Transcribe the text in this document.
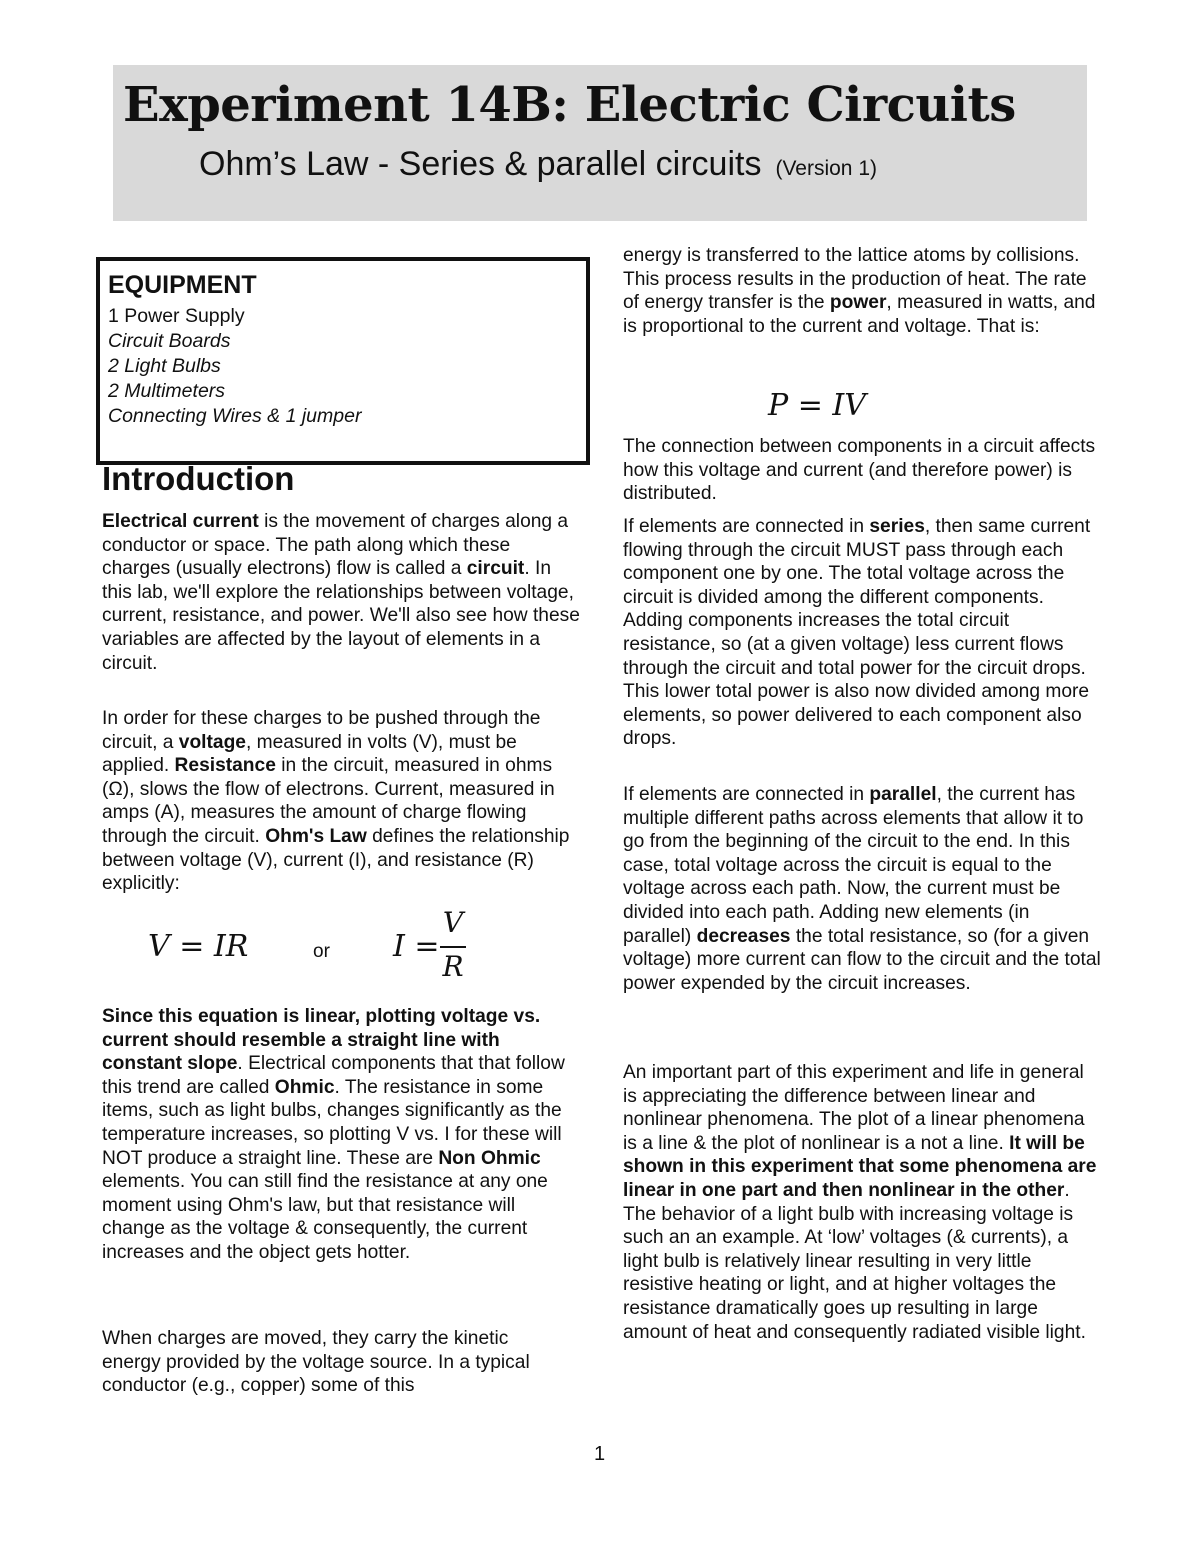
Experiment 14B: Electric Circuits
Ohm’s Law - Series & parallel circuits (Version 1)
EQUIPMENT
1 Power Supply
Circuit Boards
2 Light Bulbs
2 Multimeters
Connecting Wires & 1 jumper
Introduction

Electrical current is the movement of charges along a conductor or space. The path along which these charges (usually electrons) flow is called a circuit. In this lab, we'll explore the relationships between voltage, current, resistance, and power. We'll also see how these variables are affected by the layout of elements in a circuit.

In order for these charges to be pushed through the circuit, a voltage, measured in volts (V), must be applied. Resistance in the circuit, measured in ohms (Ω), slows the flow of electrons. Current, measured in amps (A), measures the amount of charge flowing through the circuit. Ohm's Law defines the relationship between voltage (V), current (I), and resistance (R) explicitly:

V = IR	or I =
V
R

Since this equation is linear, plotting voltage vs. current should resemble a straight line with constant slope. Electrical components that that follow this trend are called Ohmic. The resistance in some items, such as light bulbs, changes significantly as the temperature increases, so plotting V vs. I for these will NOT produce a straight line. These are Non Ohmic elements. You can still find the resistance at any one moment using Ohm's law, but that resistance will change as the voltage & consequently, the current increases and the object gets hotter.

When charges are moved, they carry the kinetic energy provided by the voltage source. In a typical conductor (e.g., copper) some of this

energy is transferred to the lattice atoms by collisions. This process results in the production of heat. The rate of energy transfer is the power, measured in watts, and is proportional to the current and voltage. That is:

P = IV

The connection between components in a circuit affects how this voltage and current (and therefore power) is distributed.

If elements are connected in series, then same current flowing through the circuit MUST pass through each component one by one. The total voltage across the circuit is divided among the different components. Adding components increases the total circuit resistance, so (at a given voltage) less current flows through the circuit and total power for the circuit drops. This lower total power is also now divided among more elements, so power delivered to each component also drops.

If elements are connected in parallel, the current has multiple different paths across elements that allow it to go from the beginning of the circuit to the end. In this case, total voltage across the circuit is equal to the voltage across each path. Now, the current must be divided into each path. Adding new elements (in parallel) decreases the total resistance, so (for a given voltage) more current can flow to the circuit and the total power expended by the circuit increases.

An important part of this experiment and life in general is appreciating the difference between linear and nonlinear phenomena. The plot of a linear phenomena is a line & the plot of nonlinear is a not a line. It will be shown in this experiment that some phenomena are linear in one part and then nonlinear in the other. The behavior of a light bulb with increasing voltage is such an an example. At ‘low’ voltages (& currents), a light bulb is relatively linear resulting in very little resistive heating or light, and at higher voltages the resistance dramatically goes up resulting in large amount of heat and consequently radiated visible light.

1
